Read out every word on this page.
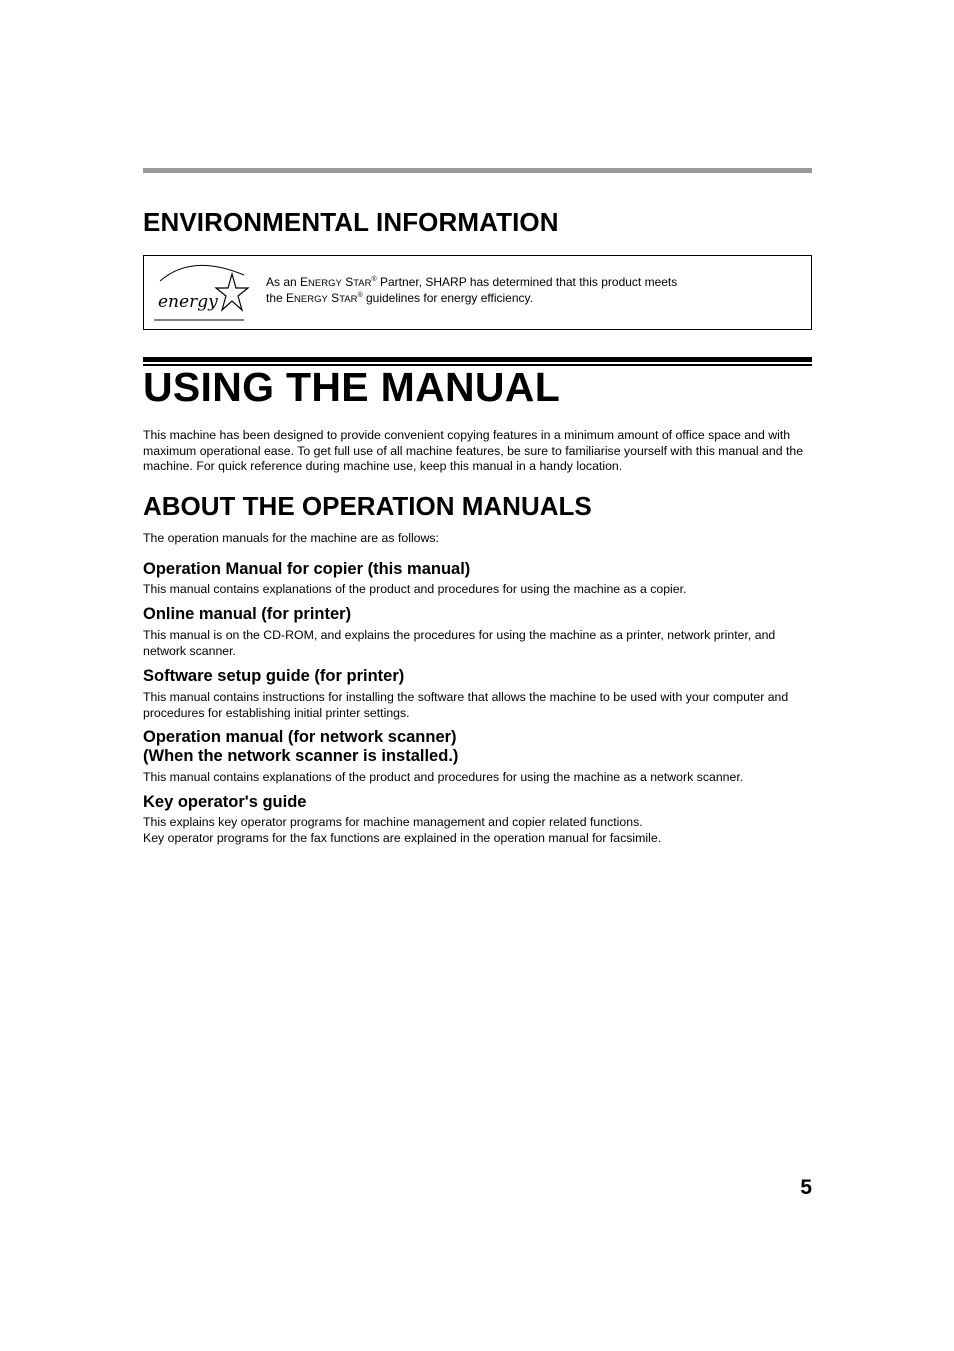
ENVIRONMENTAL INFORMATION
energy
As an ENERGY STAR® Partner, SHARP has determined that this product meets
the ENERGY STAR® guidelines for energy efficiency.
USING THE MANUAL

This machine has been designed to provide convenient copying features in a minimum amount of office space and with maximum operational ease. To get full use of all machine features, be sure to familiarise yourself with this manual and the machine. For quick reference during machine use, keep this manual in a handy location.

ABOUT THE OPERATION MANUALS

The operation manuals for the machine are as follows:

Operation Manual for copier (this manual)

This manual contains explanations of the product and procedures for using the machine as a copier.

Online manual (for printer)

This manual is on the CD-ROM, and explains the procedures for using the machine as a printer, network printer, and network scanner.

Software setup guide (for printer)

This manual contains instructions for installing the software that allows the machine to be used with your computer and procedures for establishing initial printer settings.

Operation manual (for network scanner)
(When the network scanner is installed.)

This manual contains explanations of the product and procedures for using the machine as a network scanner.

Key operator's guide

This explains key operator programs for machine management and copier related functions.
Key operator programs for the fax functions are explained in the operation manual for facsimile.

5
